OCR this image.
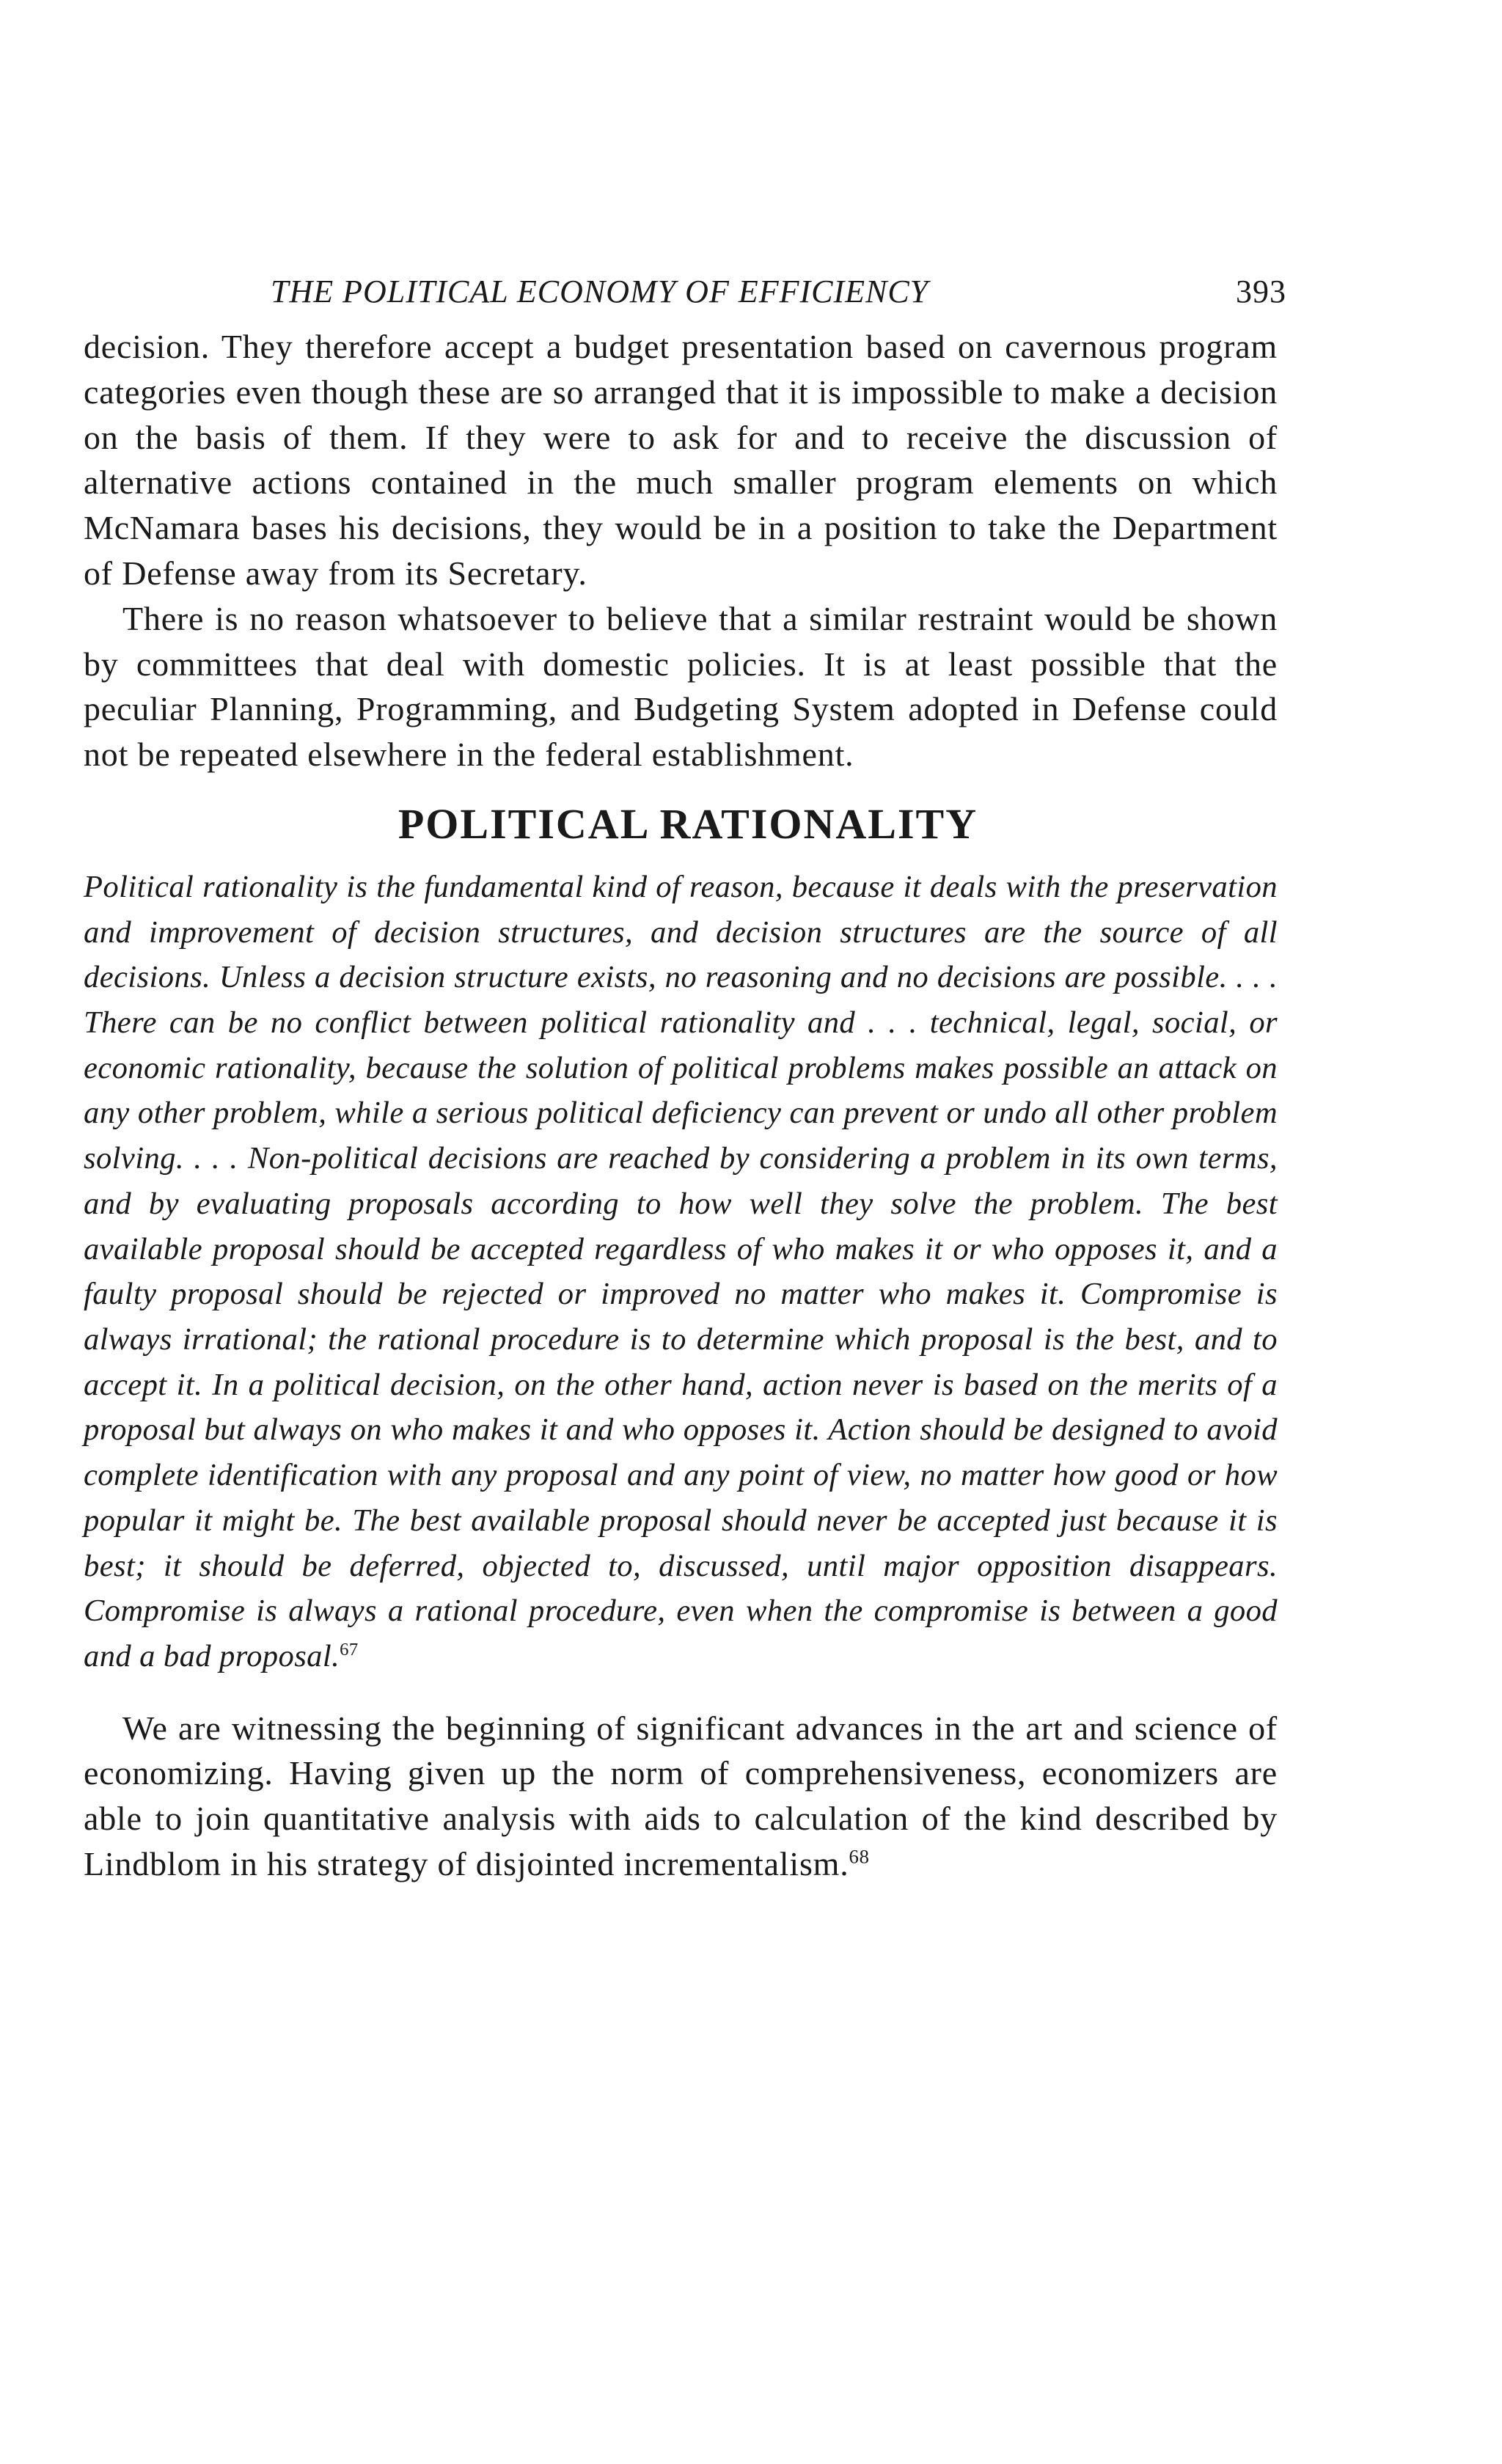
THE POLITICAL ECONOMY OF EFFICIENCY	393

decision. They therefore accept a budget presentation based on cavernous program categories even though these are so arranged that it is impossible to make a decision on the basis of them. If they were to ask for and to receive the discussion of alternative actions contained in the much smaller program elements on which McNamara bases his decisions, they would be in a position to take the Department of Defense away from its Secretary.

There is no reason whatsoever to believe that a similar restraint would be shown by committees that deal with domestic policies. It is at least possible that the peculiar Planning, Programming, and Budgeting System adopted in Defense could not be repeated elsewhere in the federal establishment.

POLITICAL RATIONALITY

Political rationality is the fundamental kind of reason, because it deals with the preservation and improvement of decision structures, and decision structures are the source of all decisions. Unless a decision structure exists, no reasoning and no decisions are possible. . . . There can be no conflict between political rationality and . . . technical, legal, social, or economic rationality, because the solution of political problems makes possible an attack on any other problem, while a serious political deficiency can prevent or undo all other problem solving. . . . Non-political decisions are reached by considering a problem in its own terms, and by evaluating proposals according to how well they solve the problem. The best available proposal should be accepted regardless of who makes it or who opposes it, and a faulty proposal should be rejected or improved no matter who makes it. Compromise is always irrational; the rational procedure is to determine which proposal is the best, and to accept it. In a political decision, on the other hand, action never is based on the merits of a proposal but always on who makes it and who opposes it. Action should be designed to avoid complete identification with any proposal and any point of view, no matter how good or how popular it might be. The best available proposal should never be accepted just because it is best; it should be deferred, objected to, discussed, until major opposition disappears. Compromise is always a rational procedure, even when the compromise is between a good and a bad proposal.$^{67}$

We are witnessing the beginning of significant advances in the art and science of economizing. Having given up the norm of comprehensiveness, economizers are able to join quantitative analysis with aids to calculation of the kind described by Lindblom in his strategy of disjointed incrementalism.$^{68}$
